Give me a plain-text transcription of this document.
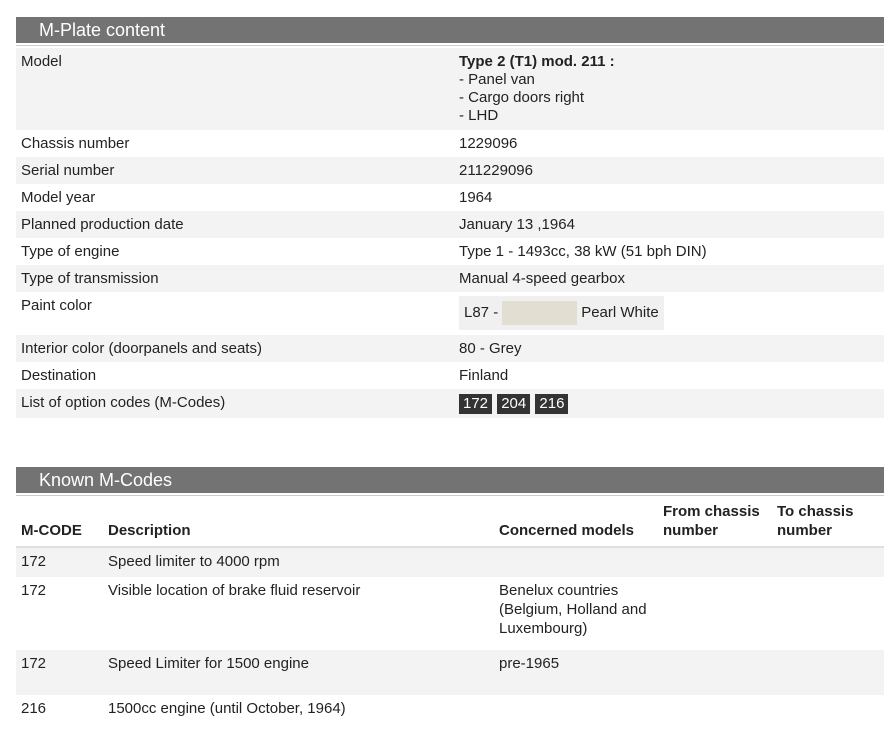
M-Plate content
Model	Type 2 (T1) mod. 211 :
- Panel van
- Cargo doors right
- LHD

Chassis number	1229096
Serial number	211229096
Model year	1964
Planned production date	January 13 ,1964
Type of engine	Type 1 - 1493cc, 38 kW (51 bph DIN)
Type of transmission	Manual 4-speed gearbox
Paint color	L87 - Pearl White

Interior color (doorpanels and seats)	80 - Grey
Destination	Finland
List of option codes (M-Codes)	172 204 216
Known M-Codes
M-CODE	Description	Concerned models	From chassis number	To chassis number
172	Speed limiter to 4000 rpm			
172	Visible location of brake fluid reservoir	Benelux countries (Belgium, Holland and Luxembourg)		
172	Speed Limiter for 1500 engine	pre-1965		
216	1500cc engine (until October, 1964)			
